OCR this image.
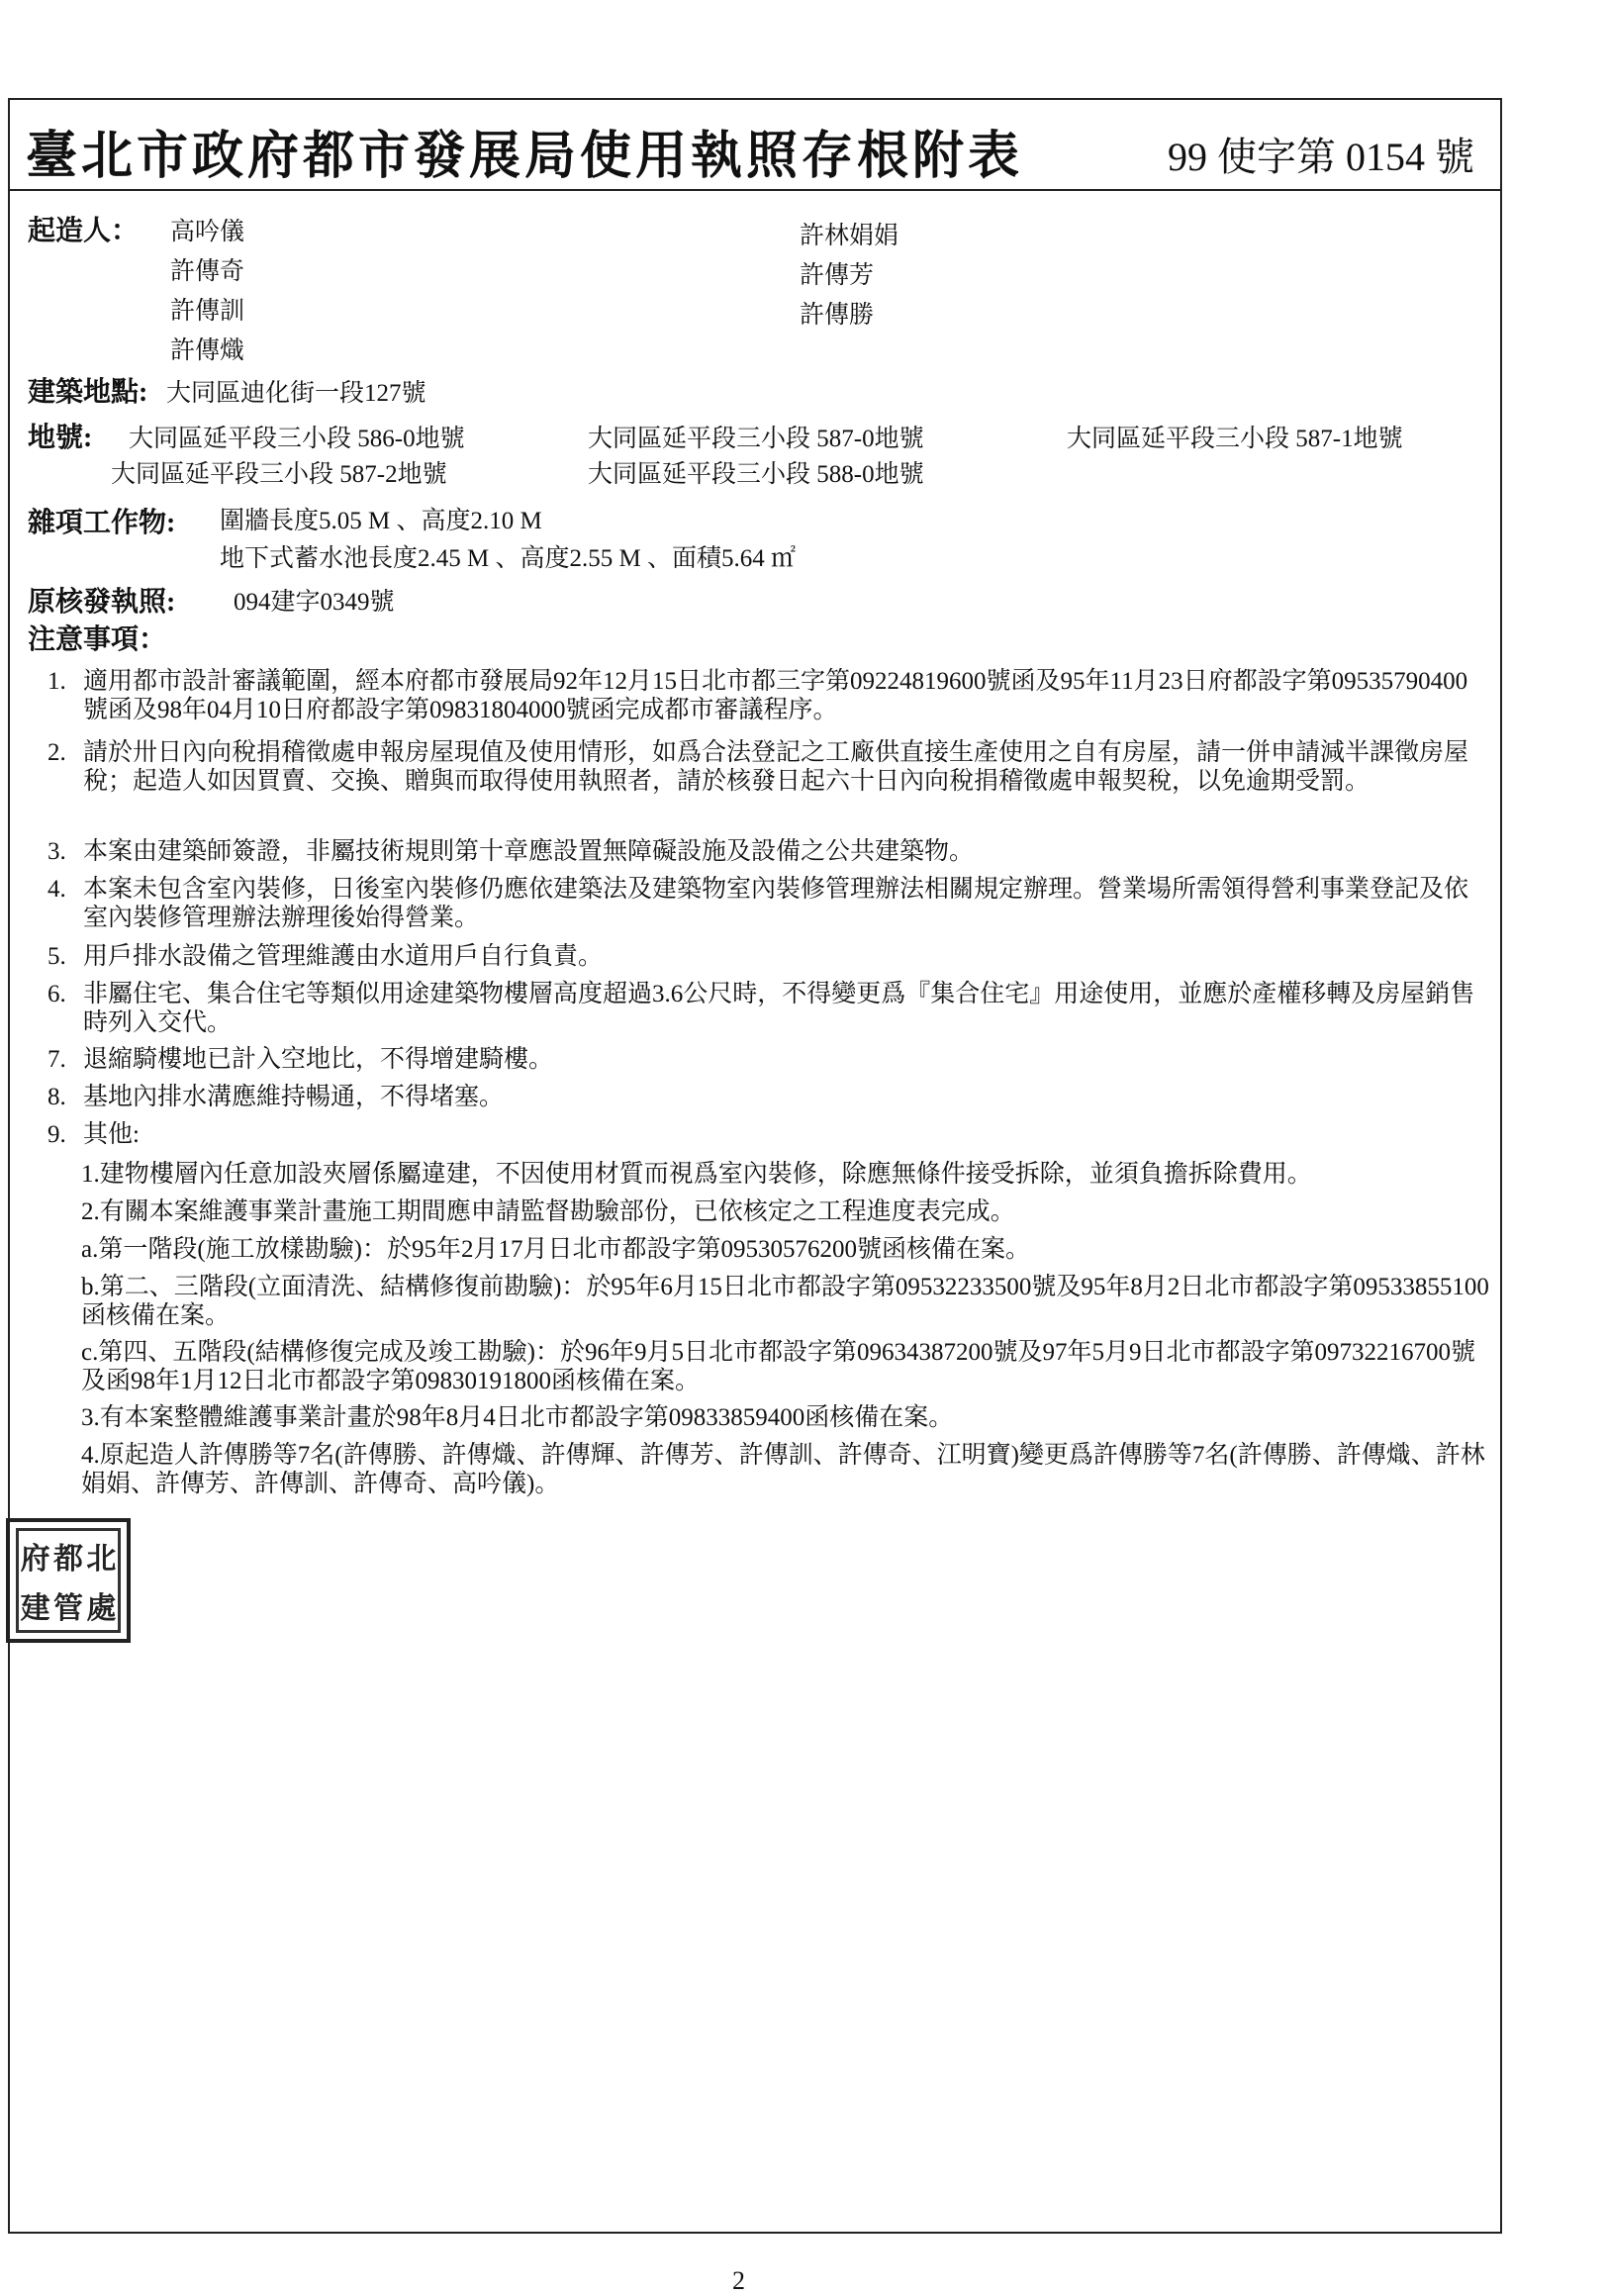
臺北市政府都市發展局使用執照存根附表	99 使字第 0154 號
起造人： 高吟儀
許傳奇
許傳訓
許傳熾
許林娟娟
許傳芳
許傳勝
建築地點: 大同區迪化街一段127號
地號: 大同區延平段三小段 586-0地號	大同區延平段三小段 587-0地號	大同區延平段三小段 587-1地號
大同區延平段三小段 587-2地號	大同區延平段三小段 588-0地號
雜項工作物: 圍牆長度5.05 M 、高度2.10 M
地下式蓄水池長度2.45 M 、高度2.55 M 、面積5.64 ㎡
原核發執照: 094建字0349號
注意事項：
1. 適用都市設計審議範圍，經本府都市發展局92年12月15日北市都三字第09224819600號函及95年11月23日府都設字第09535790400號函及98年04月10日府都設字第09831804000號函完成都市審議程序。
2. 請於卅日內向稅捐稽徵處申報房屋現值及使用情形，如爲合法登記之工廠供直接生產使用之自有房屋，請一併申請減半課徵房屋稅；起造人如因買賣、交換、贈與而取得使用執照者，請於核發日起六十日內向稅捐稽徵處申報契稅，以免逾期受罰。
3. 本案由建築師簽證，非屬技術規則第十章應設置無障礙設施及設備之公共建築物。
4. 本案未包含室內裝修，日後室內裝修仍應依建築法及建築物室內裝修管理辦法相關規定辦理。營業場所需領得營利事業登記及依室內裝修管理辦法辦理後始得營業。
5. 用戶排水設備之管理維護由水道用戶自行負責。
6. 非屬住宅、集合住宅等類似用途建築物樓層高度超過3.6公尺時，不得變更爲『集合住宅』用途使用，並應於產權移轉及房屋銷售時列入交代。
7. 退縮騎樓地已計入空地比，不得增建騎樓。
8. 基地內排水溝應維持暢通，不得堵塞。
9. 其他:
1.建物樓層內任意加設夾層係屬違建，不因使用材質而視爲室內裝修，除應無條件接受拆除，並須負擔拆除費用。
2.有關本案維護事業計畫施工期間應申請監督勘驗部份，已依核定之工程進度表完成。
a.第一階段(施工放樣勘驗)：於95年2月17月日北市都設字第09530576200號函核備在案。
b.第二、三階段(立面清洗、結構修復前勘驗)：於95年6月15日北市都設字第09532233500號及95年8月2日北市都設字第09533855100函核備在案。
c.第四、五階段(結構修復完成及竣工勘驗)：於96年9月5日北市都設字第09634387200號及97年5月9日北市都設字第09732216700號及函98年1月12日北市都設字第09830191800函核備在案。
3.有本案整體維護事業計畫於98年8月4日北市都設字第09833859400函核備在案。
4.原起造人許傳勝等7名(許傳勝、許傳熾、許傳輝、許傳芳、許傳訓、許傳奇、江明寶)變更爲許傳勝等7名(許傳勝、許傳熾、許林娟娟、許傳芳、許傳訓、許傳奇、高吟儀)。
府 都 北
建 管 處
2
